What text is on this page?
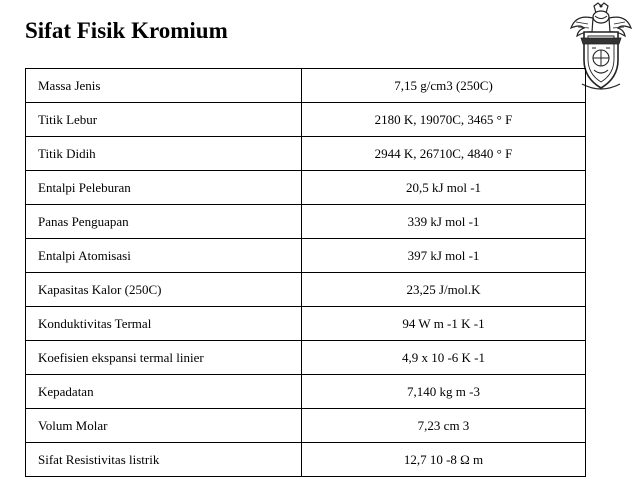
Sifat Fisik Kromium
Massa Jenis	7,15 g/cm3 (250C)
Titik Lebur	2180 K, 19070C, 3465 ° F
Titik Didih	2944 K, 26710C, 4840 ° F
Entalpi Peleburan	20,5 kJ mol -1
Panas Penguapan	339 kJ mol -1
Entalpi Atomisasi	397 kJ mol -1
Kapasitas Kalor (250C)	23,25 J/mol.K
Konduktivitas Termal	94 W m -1 K -1
Koefisien ekspansi termal linier	4,9 x 10 -6 K -1
Kepadatan	7,140 kg m -3
Volum Molar	7,23 cm 3
Sifat Resistivitas listrik	12,7 10 -8 Ω m
